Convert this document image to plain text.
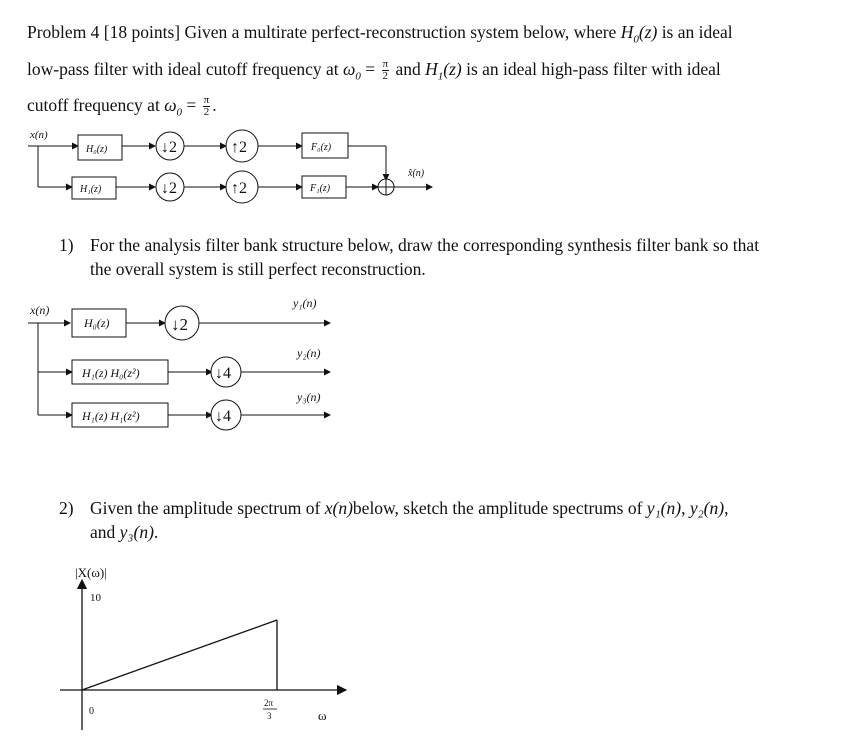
Problem 4 [18 points] Given a multirate perfect-reconstruction system below, where $H_0(z)$ is an ideal
low-pass filter with ideal cutoff frequency at $\omega_0 = \frac{\pi}{2}$ and $H_1(z)$ is an ideal high-pass filter with ideal
cutoff frequency at $\omega_0 = \frac{\pi}{2}$ .
x(n)
H₀(z)
H₁(z)
↓2
↓2
↑2
↑2
F₀(z)
F₁(z)
x̂(n)
1) For the analysis filter bank structure below, draw the corresponding synthesis filter bank so that
the overall system is still perfect reconstruction.
x(n)
H₀(z)
H₁(z) H₀(z²)
H₁(z) H₁(z²)
↓2
↓4
↓4
y₁(n)
y₂(n)
y₃(n)
2) Given the amplitude spectrum of x(n)below, sketch the amplitude spectrums of y₁(n), y₂(n),
and y₃(n).
|X(ω)|
10
0
2π
3	ω
